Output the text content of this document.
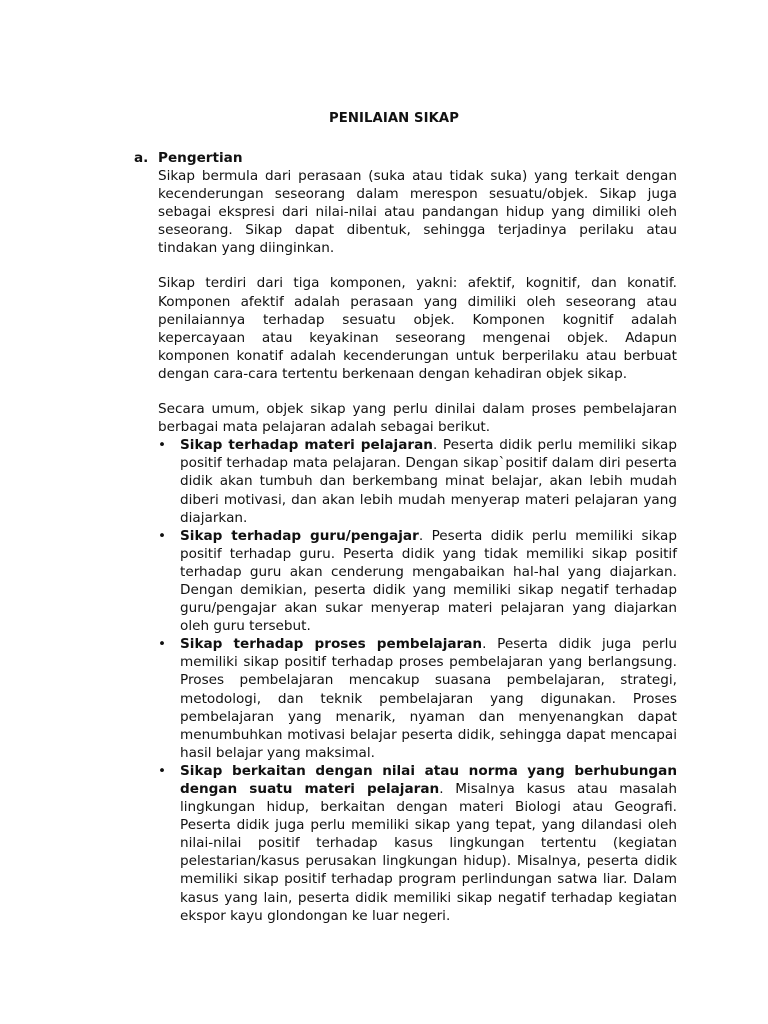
PENILAIAN SIKAP
a. Pengertian

Sikap bermula dari perasaan (suka atau tidak suka) yang terkait dengan kecenderungan seseorang dalam merespon sesuatu/objek. Sikap juga sebagai ekspresi dari nilai-nilai atau pandangan hidup yang dimiliki oleh seseorang. Sikap dapat dibentuk, sehingga terjadinya perilaku atau tindakan yang diinginkan.

Sikap terdiri dari tiga komponen, yakni: afektif, kognitif, dan konatif. Komponen afektif adalah perasaan yang dimiliki oleh seseorang atau penilaiannya terhadap sesuatu objek. Komponen kognitif adalah kepercayaan atau keyakinan seseorang mengenai objek. Adapun komponen konatif adalah kecenderungan untuk berperilaku atau berbuat dengan cara-cara tertentu berkenaan dengan kehadiran objek sikap.

Secara umum, objek sikap yang perlu dinilai dalam proses pembelajaran berbagai mata pelajaran adalah sebagai berikut.

•	Sikap terhadap materi pelajaran. Peserta didik perlu memiliki sikap positif terhadap mata pelajaran. Dengan sikap`positif dalam diri peserta didik akan tumbuh dan berkembang minat belajar, akan lebih mudah diberi motivasi, dan akan lebih mudah menyerap materi pelajaran yang diajarkan.
•	Sikap terhadap guru/pengajar. Peserta didik perlu memiliki sikap positif terhadap guru. Peserta didik yang tidak memiliki sikap positif terhadap guru akan cenderung mengabaikan hal-hal yang diajarkan. Dengan demikian, peserta didik yang memiliki sikap negatif terhadap guru/pengajar akan sukar menyerap materi pelajaran yang diajarkan oleh guru tersebut.
•	Sikap terhadap proses pembelajaran. Peserta didik juga perlu memiliki sikap positif terhadap proses pembelajaran yang berlangsung. Proses pembelajaran mencakup suasana pembelajaran, strategi, metodologi, dan teknik pembelajaran yang digunakan. Proses pembelajaran yang menarik, nyaman dan menyenangkan dapat menumbuhkan motivasi belajar peserta didik, sehingga dapat mencapai hasil belajar yang maksimal.
•	Sikap berkaitan dengan nilai atau norma yang berhubungan dengan suatu materi pelajaran. Misalnya kasus atau masalah lingkungan hidup, berkaitan dengan materi Biologi atau Geografi. Peserta didik juga perlu memiliki sikap yang tepat, yang dilandasi oleh nilai-nilai positif terhadap kasus lingkungan tertentu (kegiatan pelestarian/kasus perusakan lingkungan hidup). Misalnya, peserta didik memiliki sikap positif terhadap program perlindungan satwa liar. Dalam kasus yang lain, peserta didik memiliki sikap negatif terhadap kegiatan ekspor kayu glondongan ke luar negeri.
